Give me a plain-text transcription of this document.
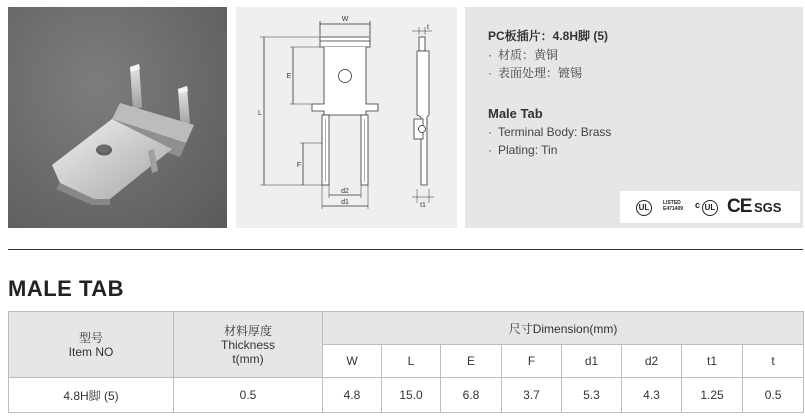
W
L
E
F
d2
d1
t
t1
PC板插片：4.8H脚 (5)
· 材质：黄铜
· 表面处理：镀锡
Male Tab
· Terminal Body: Brass
· Plating: Tin
UL	LISTED
E471409 c UL CE SGS
MALE TAB
型号
Item NO	材料厚度
Thickness
t(mm)	尺寸Dimension(mm)							
		W	L	E	F	d1	d2	t1	t
4.8H脚 (5)	0.5	4.8	15.0	6.8	3.7	5.3	4.3	1.25	0.5
